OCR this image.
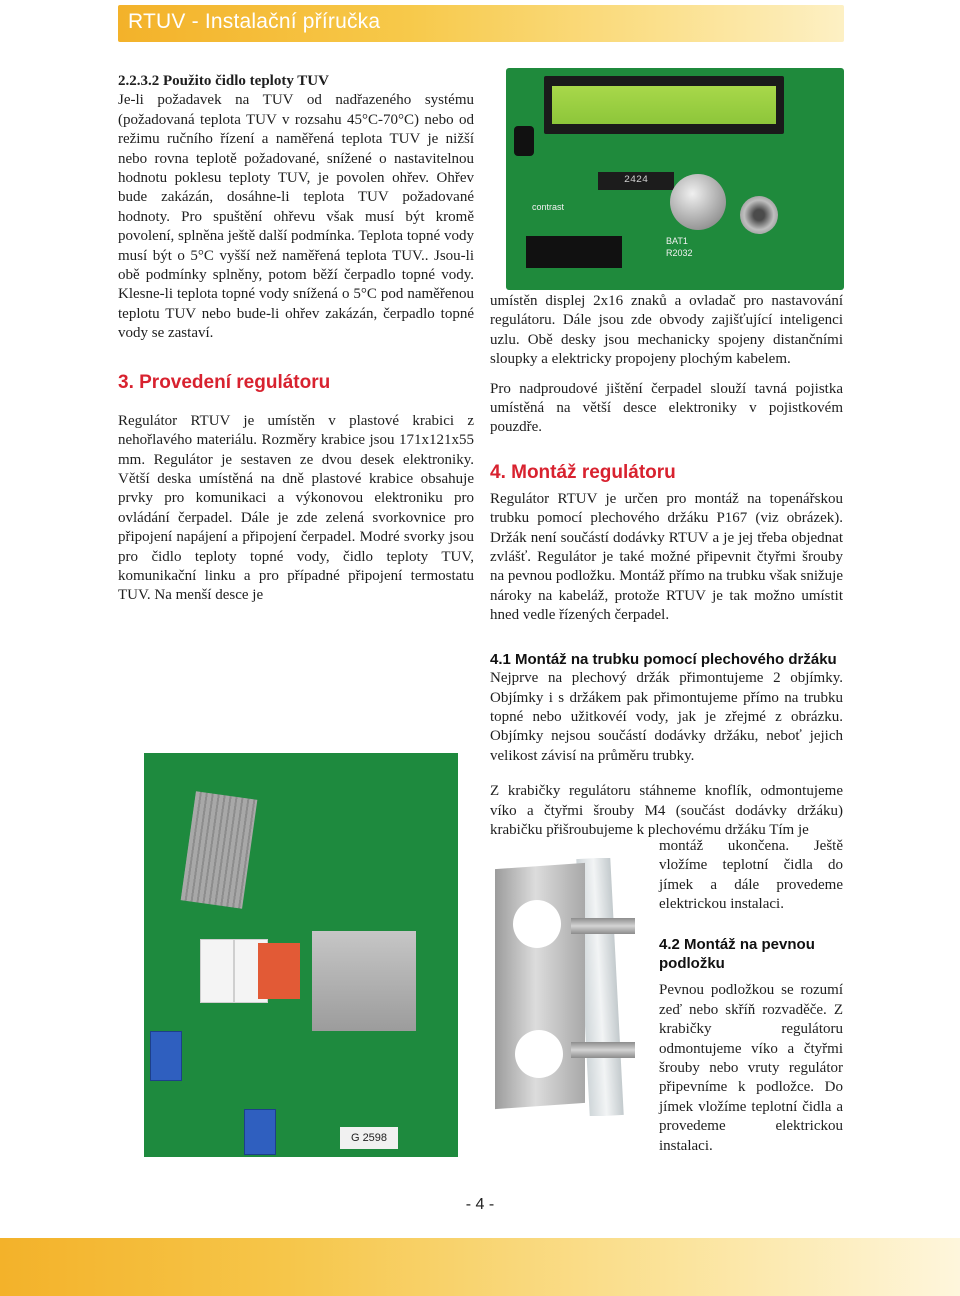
RTUV - Instalační příručka

2.2.3.2 Použito čidlo teploty TUV

Je-li požadavek na TUV od nadřazeného systému (požadovaná teplota TUV v rozsahu 45°C-70°C) nebo od režimu ručního řízení a naměřená teplota TUV je nižší nebo rovna teplotě požadované, snížené o nastavitelnou hodnotu poklesu teploty TUV, je povolen ohřev. Ohřev bude zakázán, dosáhne-li teplota TUV požadované hodnoty. Pro spuštění ohřevu však musí být kromě povolení, splněna ještě další podmínka. Teplota topné vody musí být o 5°C vyšší než naměřená teplota TUV.. Jsou-li obě podmínky splněny, potom běží čerpadlo topné vody. Klesne-li teplota topné vody snížená o 5°C pod naměřenou teplotu TUV nebo bude-li ohřev zakázán, čerpadlo topné vody se zastaví.

3. Provedení regulátoru

Regulátor RTUV je umístěn v plastové krabici z nehořlavého materiálu. Rozměry krabice jsou 171x121x55 mm. Regulátor je sestaven ze dvou desek elektroniky. Větší deska umístěná na dně plastové krabice obsahuje prvky pro komunikaci a výkonovou elektroniku pro ovládání čerpadel. Dále je zde zelená svorkovnice pro připojení napájení a připojení čerpadel. Modré svorky jsou pro čidlo teploty topné vody, čidlo teploty TUV, komunikační linku a pro případné připojení termostatu TUV. Na menší desce je

2424
contrast
BAT1
R2032

umístěn displej 2x16 znaků a ovladač pro nastavování regulátoru. Dále jsou zde obvody zajišťující inteligenci uzlu. Obě desky jsou mechanicky spojeny distančními sloupky a elektricky propojeny plochým kabelem.

Pro nadproudové jištění čerpadel slouží tavná pojistka umístěná na větší desce elektroniky v pojistkovém pouzdře.

4. Montáž regulátoru

Regulátor RTUV je určen pro montáž na topenářskou trubku pomocí plechového držáku P167 (viz obrázek). Držák není součástí dodávky RTUV a je jej třeba objednat zvlášť. Regulátor je také možné připevnit čtyřmi šrouby na pevnou podložku. Montáž přímo na trubku však snižuje nároky na kabeláž, protože RTUV je tak možno umístit hned vedle řízených čerpadel.

4.1 Montáž na trubku pomocí plechového držáku

Nejprve na plechový držák přimontujeme 2 objímky. Objímky i s držákem pak přimontujeme přímo na trubku topné nebo užitkovéí vody, jak je zřejmé z obrázku. Objímky nejsou součástí dodávky držáku, neboť jejich velikost závisí na průměru trubky.

Z krabičky regulátoru stáhneme knoflík, odmontujeme víko a čtyřmi šrouby M4 (součást dodávky držáku) krabičku přišroubujeme k plechovému držáku Tím je

montáž ukončena. Ještě vložíme teplotní čidla do jímek a dále provedeme elektrickou instalaci.

4.2 Montáž na pevnou podložku

Pevnou podložkou se rozumí zeď nebo skříň rozvaděče. Z krabičky regulátoru odmontujeme víko a čtyřmi šrouby nebo vruty regulátor připevníme k podložce. Do jímek vložíme teplotní čidla a provedeme elektrickou instalaci.

G 2598
- 4 -
